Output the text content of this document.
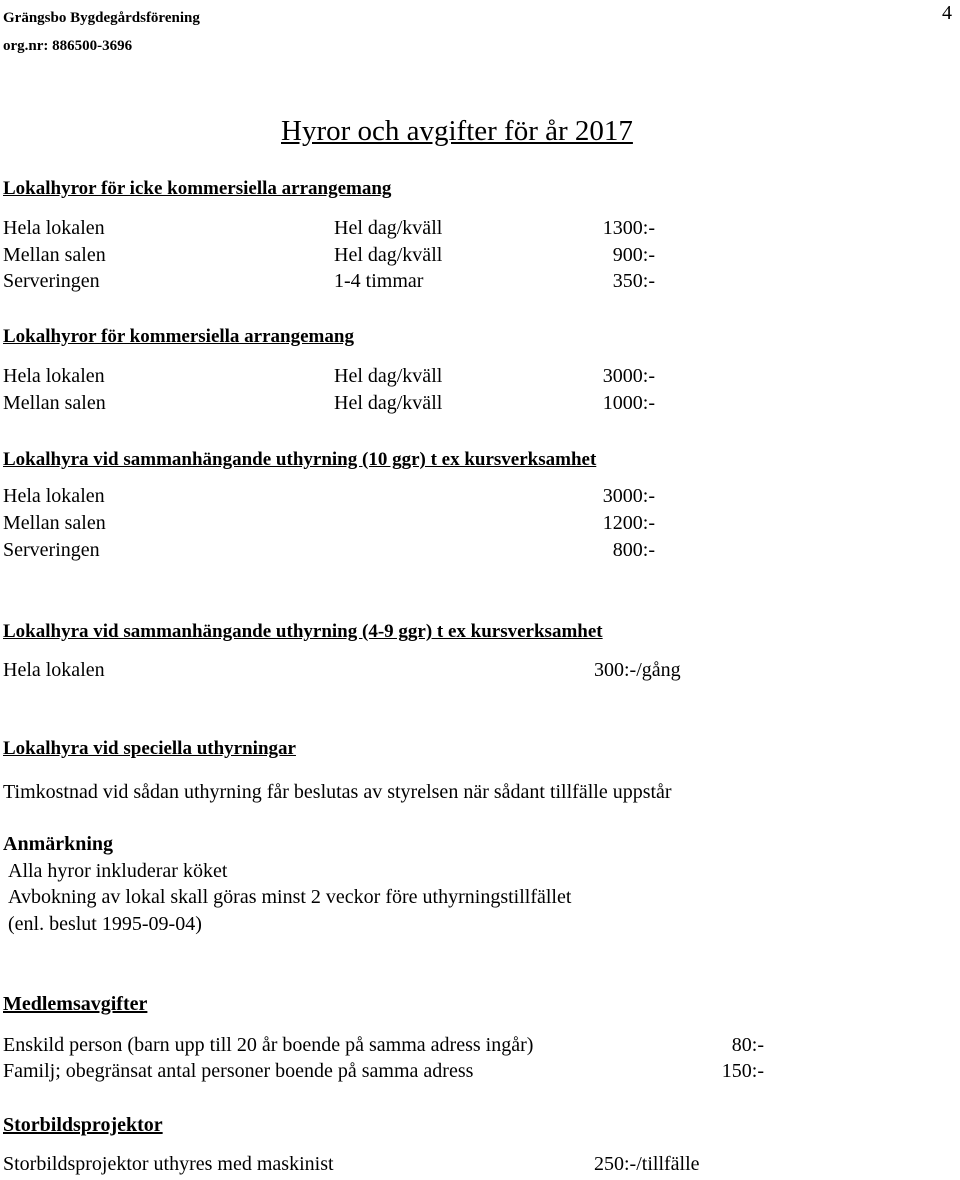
Grängsbo Bygdegårdsförening
org.nr: 886500-3696
4
Hyror och avgifter för år 2017
Lokalhyror för icke kommersiella arrangemang
Hela lokalen	Hel dag/kväll	1300:-
Mellan salen	Hel dag/kväll	900:-
Serveringen	1-4 timmar	350:-
Lokalhyror för kommersiella arrangemang
Hela lokalen	Hel dag/kväll	3000:-
Mellan salen	Hel dag/kväll	1000:-
Lokalhyra vid sammanhängande uthyrning (10 ggr) t ex kursverksamhet
Hela lokalen	3000:-
Mellan salen	1200:-
Serveringen	800:-
Lokalhyra vid sammanhängande uthyrning (4-9 ggr) t ex kursverksamhet
Hela lokalen	300:-/gång
Lokalhyra vid speciella uthyrningar
Timkostnad vid sådan uthyrning får beslutas av styrelsen när sådant tillfälle uppstår
Anmärkning
Alla hyror inkluderar köket
Avbokning av lokal skall göras minst 2 veckor före uthyrningstillfället
(enl. beslut 1995-09-04)
Medlemsavgifter
Enskild person (barn upp till 20 år boende på samma adress ingår)	80:-
Familj; obegränsat antal personer boende på samma adress	150:-
Storbildsprojektor
Storbildsprojektor uthyres med maskinist	250:-/tillfälle
